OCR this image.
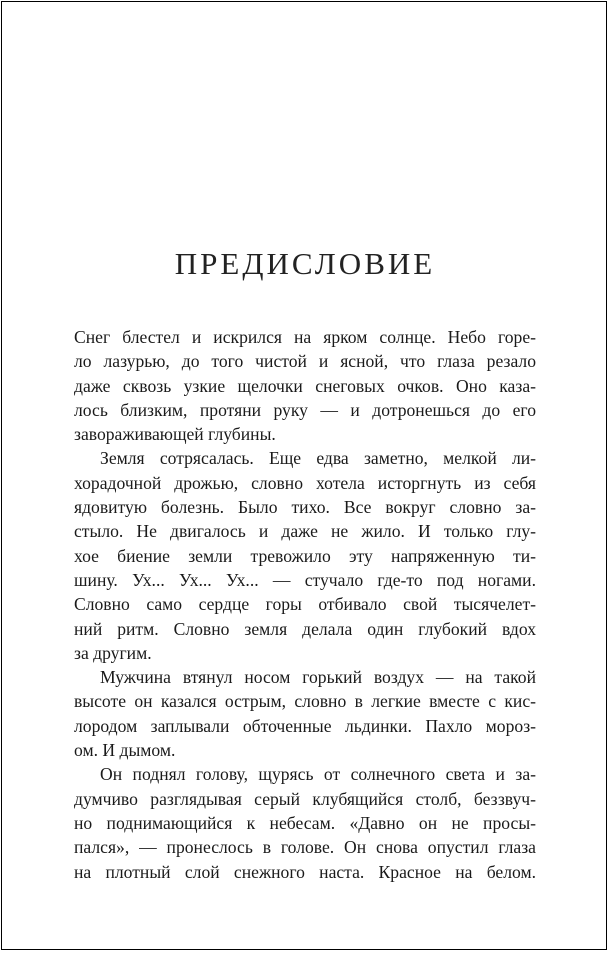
ПРЕДИСЛОВИЕ
Снег блестел и искрился на ярком солнце. Небо горе-
ло лазурью, до того чистой и ясной, что глаза резало
даже сквозь узкие щелочки снеговых очков. Оно каза-
лось близким, протяни руку — и дотронешься до его
завораживающей глубины.
Земля сотрясалась. Еще едва заметно, мелкой ли-
хорадочной дрожью, словно хотела исторгнуть из себя
ядовитую болезнь. Было тихо. Все вокруг словно за-
стыло. Не двигалось и даже не жило. И только глу-
хое биение земли тревожило эту напряженную ти-
шину. Ух... Ух... Ух... — стучало где-то под ногами.
Словно само сердце горы отбивало свой тысячелет-
ний ритм. Словно земля делала один глубокий вдох
за другим.
Мужчина втянул носом горький воздух — на такой
высоте он казался острым, словно в легкие вместе с кис-
лородом заплывали обточенные льдинки. Пахло мороз-
ом. И дымом.
Он поднял голову, щурясь от солнечного света и за-
думчиво разглядывая серый клубящийся столб, беззвуч-
но поднимающийся к небесам. «Давно он не просы-
пался», — пронеслось в голове. Он снова опустил глаза
на плотный слой снежного наста. Красное на белом.
